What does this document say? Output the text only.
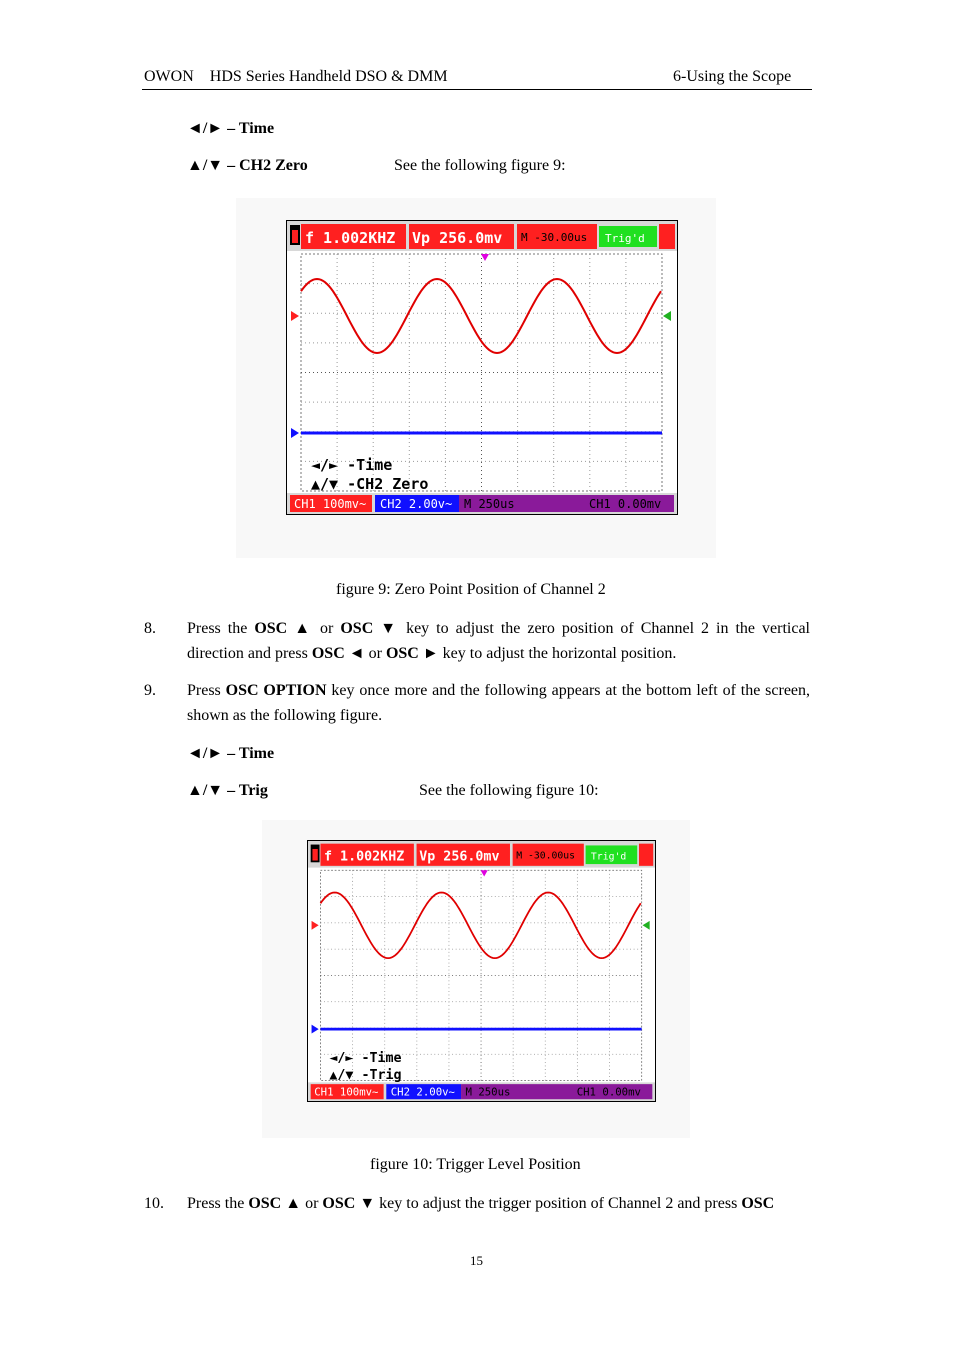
OWON    HDS Series Handheld DSO & DMM	6-Using the Scope
◄/► – Time
▲/▼ – CH2 Zero	See the following figure 9:
f 1.002KHZ Vp 256.0mv M -30.00us Trig'd
◄/► -Time
▲/▼ -CH2 Zero
CH1 100mv~ CH2 2.00v~ M 250us	CH1 0.00mv
figure 9: Zero Point Position of Channel 2
8. Press the OSC ▲ or OSC ▼ key to adjust the zero position of Channel 2 in the vertical direction and press OSC ◄ or OSC ► key to adjust the horizontal position.
9. Press OSC OPTION key once more and the following appears at the bottom left of the screen, shown as the following figure.
◄/► – Time
▲/▼ – Trig	See the following figure 10:
f 1.002KHZ Vp 256.0mv M -30.00us Trig'd
◄/► -Time
▲/▼ -Trig
CH1 100mv~ CH2 2.00v~ M 250us	CH1 0.00mv
figure 10: Trigger Level Position
10. Press the OSC ▲ or OSC ▼ key to adjust the trigger position of Channel 2 and press OSC
15
